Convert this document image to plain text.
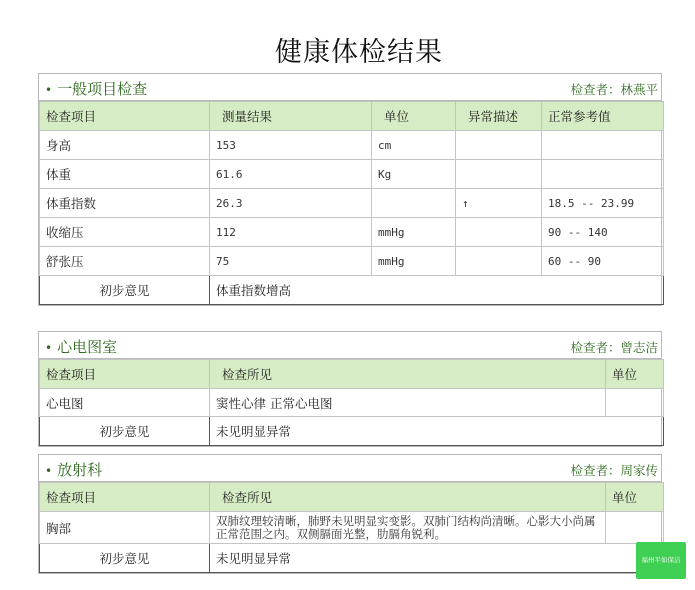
健康体检结果
• 一般项目检查	检查者：林燕平
检查项目	测量结果	单位	异常描述	正常参考值
身高	153	cm		
体重	61.6	Kg		
体重指数	26.3		↑	18.5 -- 23.99
收缩压	112	mmHg		90 -- 140
舒张压	75	mmHg		60 -- 90
初步意见	体重指数增高			
• 心电图室	检查者：曾志洁
检查项目	检查所见	单位
心电图	窦性心律 正常心电图	
初步意见	未见明显异常	
• 放射科	检查者：周家传
检查项目	检查所见	单位
胸部	双肺纹理较清晰，肺野未见明显实变影。双肺门结构尚清晰。心影大小尚属正常范围之内。双侧膈面光整，肋膈角锐利。	
初步意见	未见明显异常		福州平如保洁
